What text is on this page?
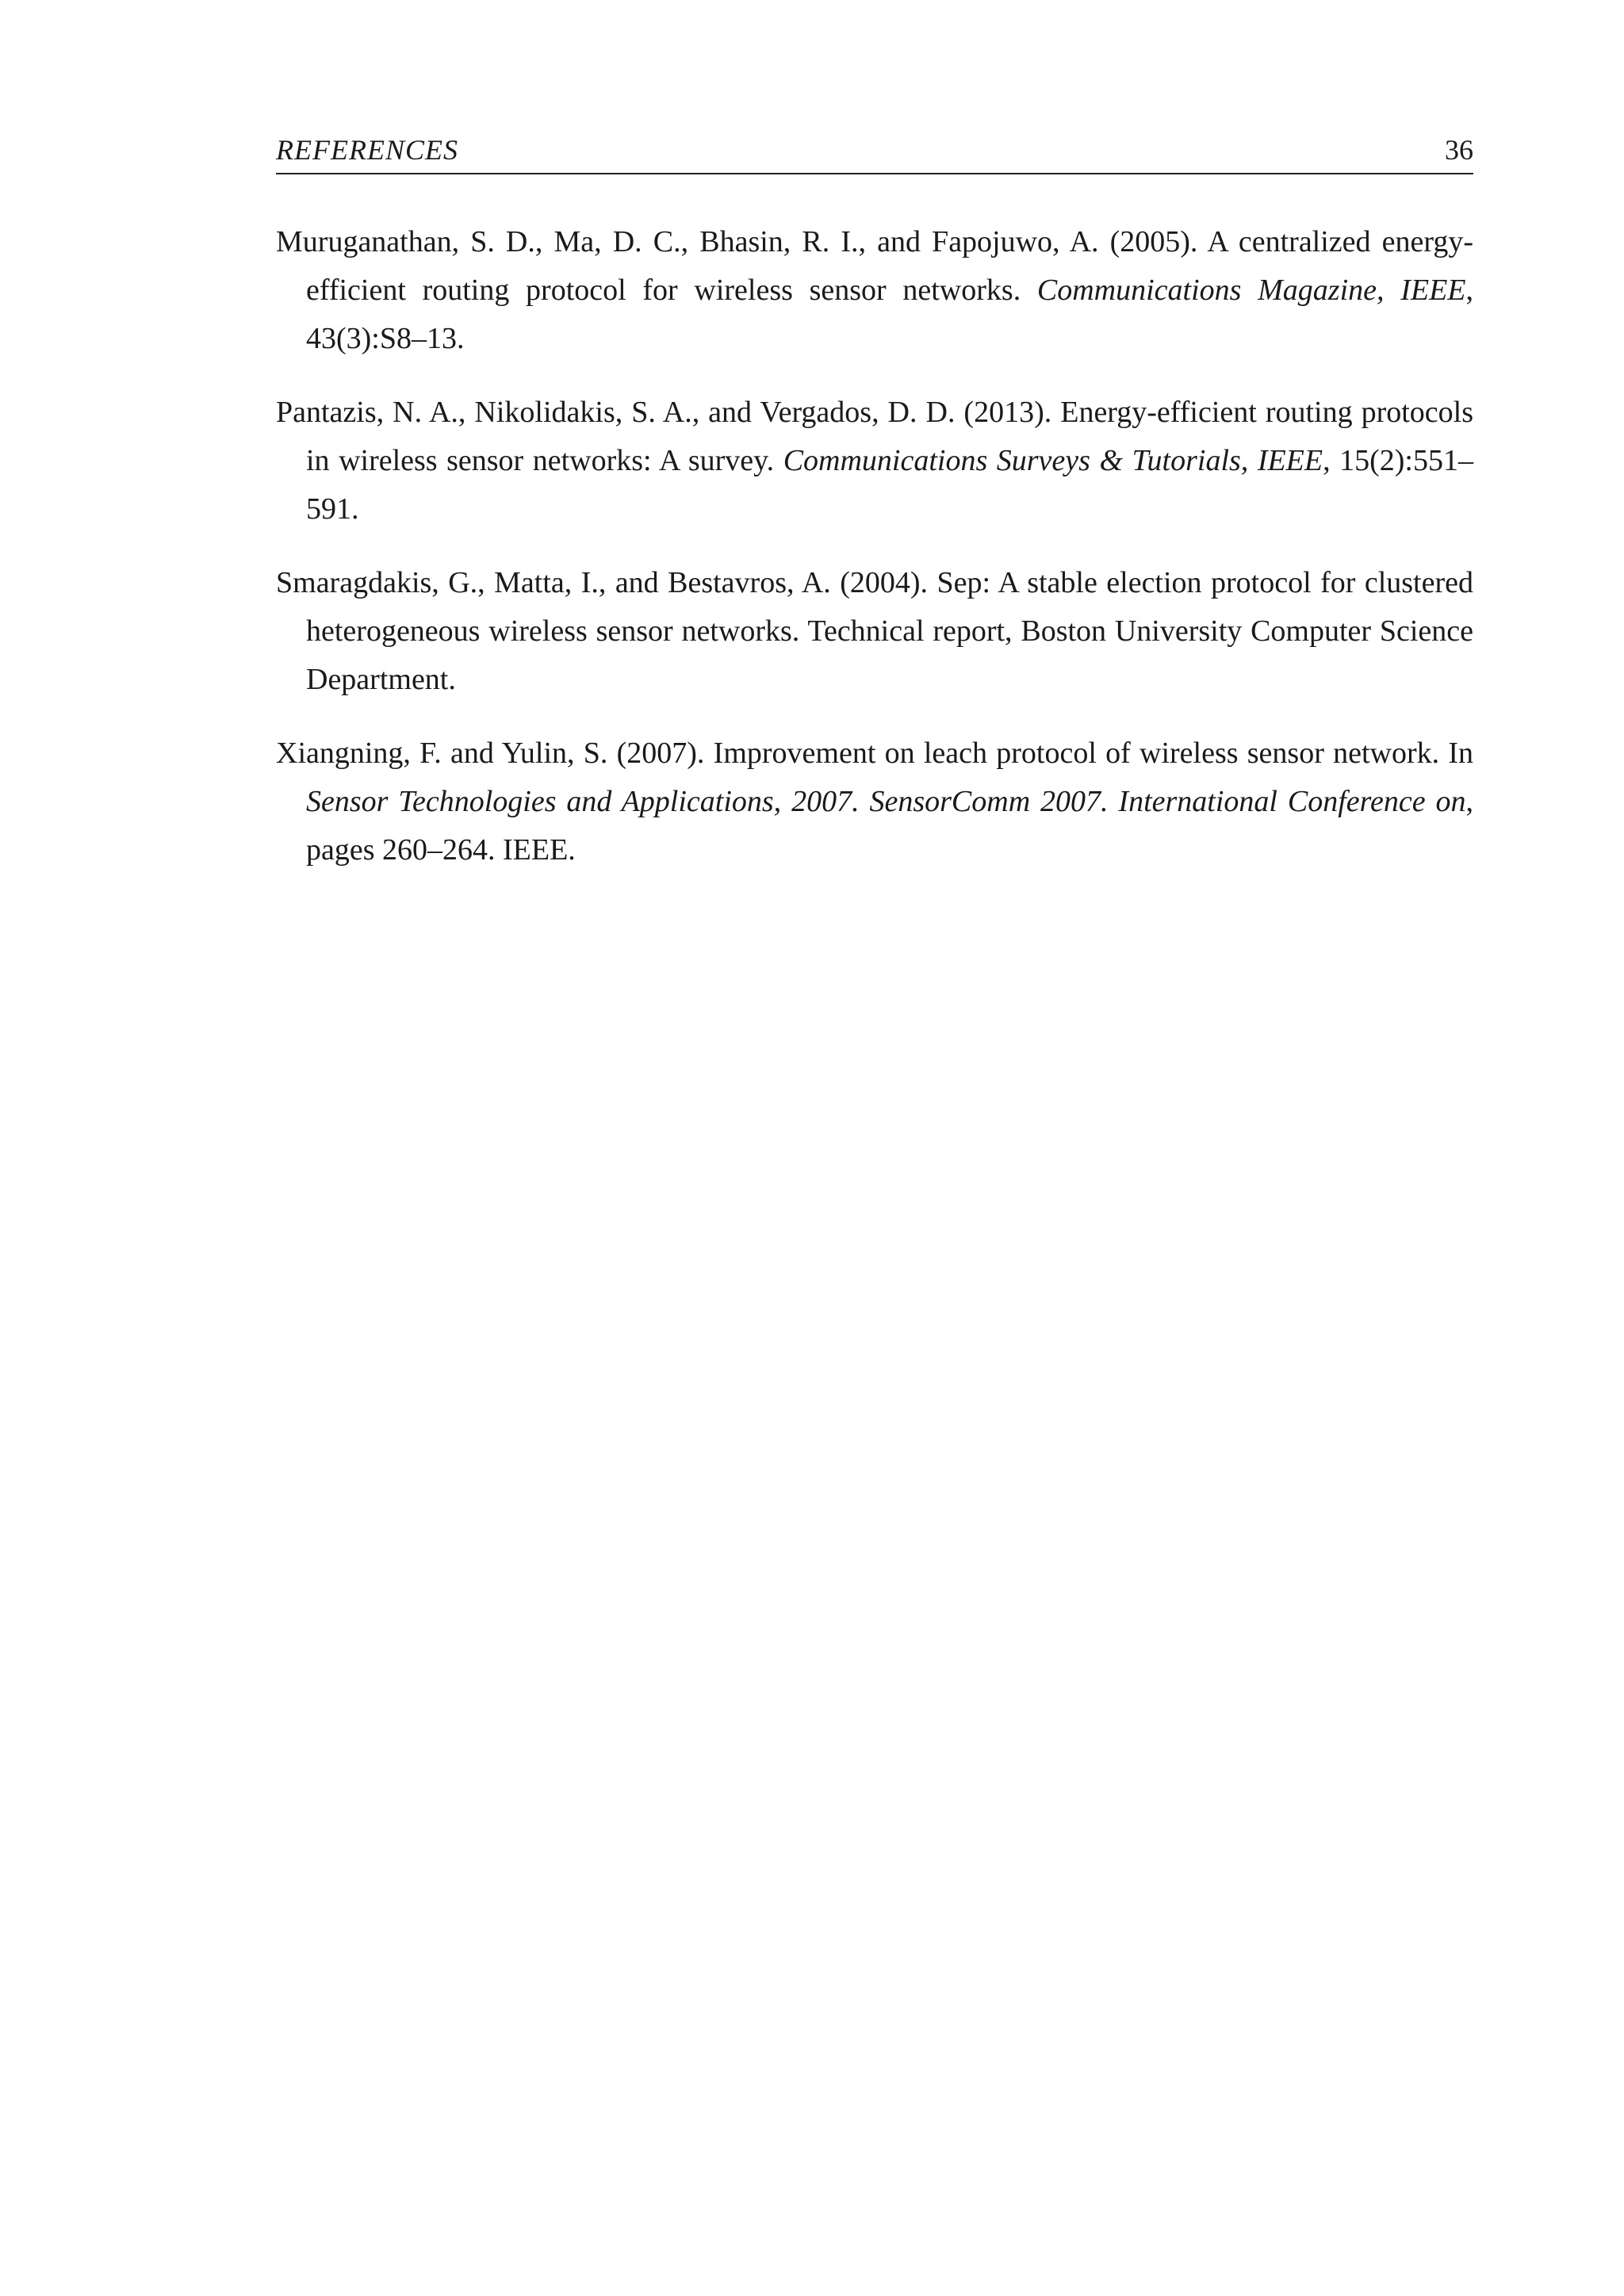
REFERENCES	36

Muruganathan, S. D., Ma, D. C., Bhasin, R. I., and Fapojuwo, A. (2005). A centralized energy-efficient routing protocol for wireless sensor networks. Communications Magazine, IEEE, 43(3):S8–13.

Pantazis, N. A., Nikolidakis, S. A., and Vergados, D. D. (2013). Energy-efficient routing protocols in wireless sensor networks: A survey. Communications Surveys & Tutorials, IEEE, 15(2):551–591.

Smaragdakis, G., Matta, I., and Bestavros, A. (2004). Sep: A stable election protocol for clustered heterogeneous wireless sensor networks. Technical report, Boston University Computer Science Department.

Xiangning, F. and Yulin, S. (2007). Improvement on leach protocol of wireless sensor network. In Sensor Technologies and Applications, 2007. SensorComm 2007. International Conference on, pages 260–264. IEEE.
